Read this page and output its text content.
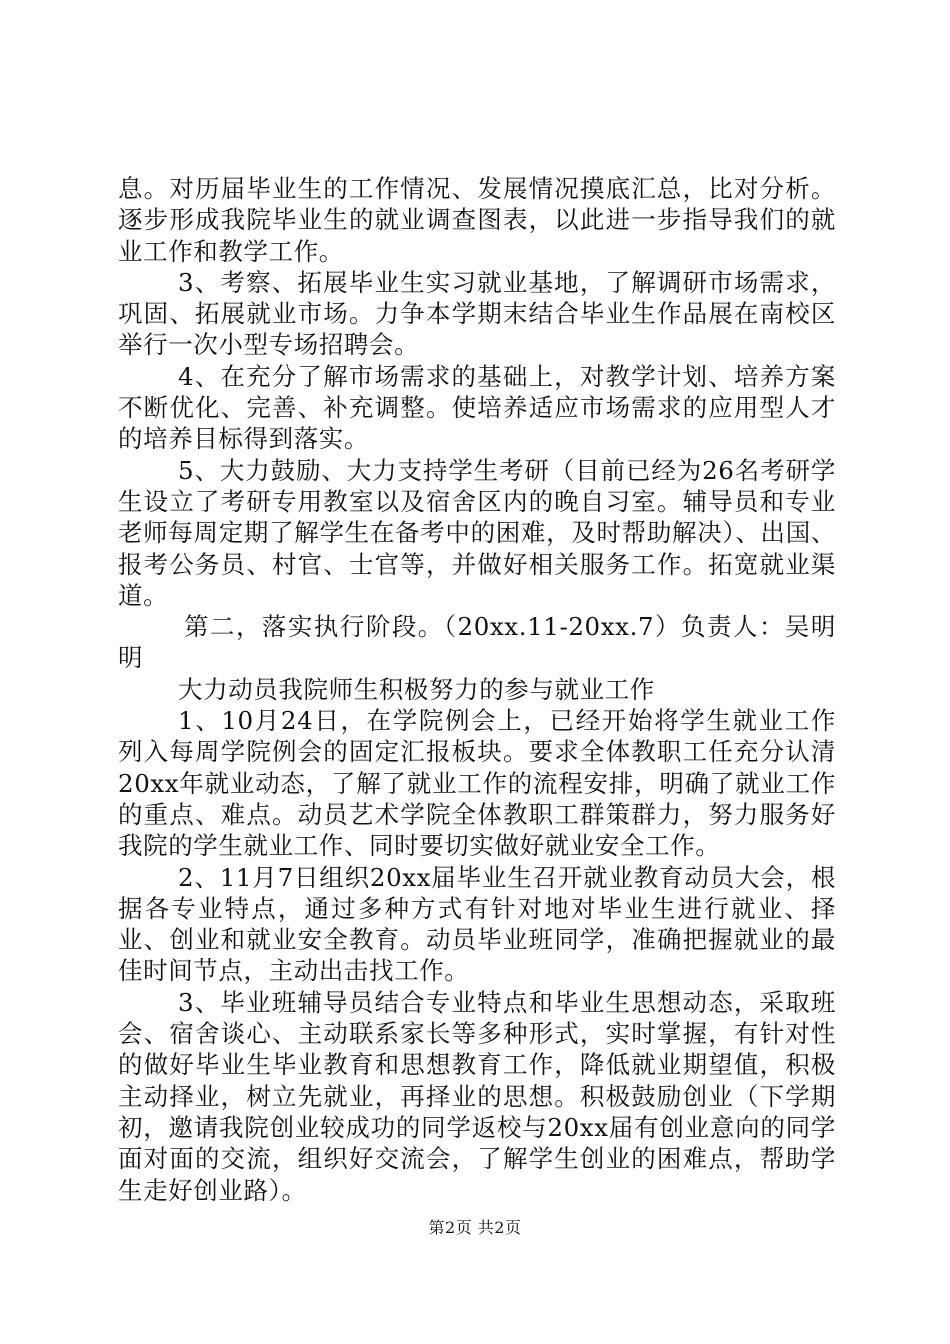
息。对历届毕业生的工作情况、发展情况摸底汇总，比对分析。逐步形成我院毕业生的就业调查图表，以此进一步指导我们的就业工作和教学工作。

3、考察、拓展毕业生实习就业基地，了解调研市场需求，巩固、拓展就业市场。力争本学期末结合毕业生作品展在南校区举行一次小型专场招聘会。

4、在充分了解市场需求的基础上，对教学计划、培养方案不断优化、完善、补充调整。使培养适应市场需求的应用型人才的培养目标得到落实。

5、大力鼓励、大力支持学生考研（目前已经为26名考研学生设立了考研专用教室以及宿舍区内的晚自习室。辅导员和专业老师每周定期了解学生在备考中的困难，及时帮助解决）、出国、报考公务员、村官、士官等，并做好相关服务工作。拓宽就业渠道。

第二，落实执行阶段。（20xx.11-20xx.7）负责人：吴明明

大力动员我院师生积极努力的参与就业工作

1、10月24日，在学院例会上，已经开始将学生就业工作列入每周学院例会的固定汇报板块。要求全体教职工任充分认清20xx年就业动态，了解了就业工作的流程安排，明确了就业工作的重点、难点。动员艺术学院全体教职工群策群力，努力服务好我院的学生就业工作、同时要切实做好就业安全工作。

2、11月7日组织20xx届毕业生召开就业教育动员大会，根据各专业特点，通过多种方式有针对地对毕业生进行就业、择业、创业和就业安全教育。动员毕业班同学，准确把握就业的最佳时间节点，主动出击找工作。

3、毕业班辅导员结合专业特点和毕业生思想动态，采取班会、宿舍谈心、主动联系家长等多种形式，实时掌握，有针对性的做好毕业生毕业教育和思想教育工作，降低就业期望值，积极主动择业，树立先就业，再择业的思想。积极鼓励创业（下学期初，邀请我院创业较成功的同学返校与20xx届有创业意向的同学面对面的交流，组织好交流会，了解学生创业的困难点，帮助学生走好创业路）。

第2页 共2页
